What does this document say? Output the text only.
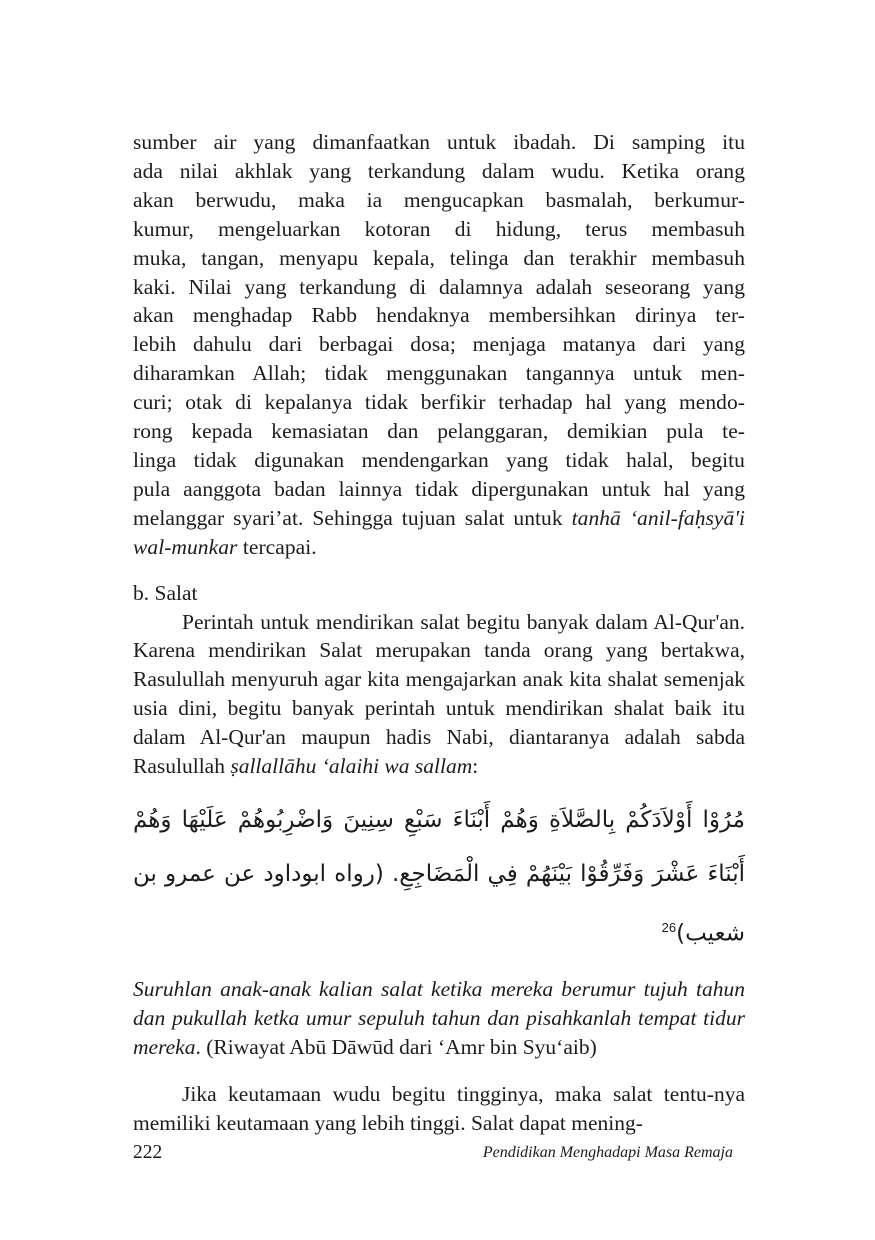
sumber air yang dimanfaatkan untuk ibadah. Di samping itu
ada nilai akhlak yang terkandung dalam wudu. Ketika orang
akan berwudu, maka ia mengucapkan basmalah, berkumur-
kumur, mengeluarkan kotoran di hidung, terus membasuh
muka, tangan, menyapu kepala, telinga dan terakhir membasuh
kaki. Nilai yang terkandung di dalamnya adalah seseorang yang
akan menghadap Rabb hendaknya membersihkan dirinya ter-
lebih dahulu dari berbagai dosa; menjaga matanya dari yang
diharamkan Allah; tidak menggunakan tangannya untuk men-
curi; otak di kepalanya tidak berfikir terhadap hal yang mendo-
rong kepada kemasiatan dan pelanggaran, demikian pula te-
linga tidak digunakan mendengarkan yang tidak halal, begitu
pula aanggota badan lainnya tidak dipergunakan untuk hal yang
melanggar syari’at. Sehingga tujuan salat untuk tanhā ‘anil-faḥsyā'i wal-munkar tercapai.
b. Salat

Perintah untuk mendirikan salat begitu banyak dalam Al-Qur'an. Karena mendirikan Salat merupakan tanda orang yang bertakwa, Rasulullah menyuruh agar kita mengajarkan anak kita shalat semenjak usia dini, begitu banyak perintah untuk mendirikan shalat baik itu dalam Al-Qur'an maupun hadis Nabi, diantaranya adalah sabda Rasulullah ṣallallāhu ‘alaihi wa sallam:

مُرُوْا أَوْلاَدَكُمْ بِالصَّلاَةِ وَهُمْ أَبْنَاءَ سَبْعِ سِنِينَ وَاضْرِبُوهُمْ عَلَيْهَا وَهُمْ أَبْنَاءَ عَشْرَ وَفَرِّقُوْا بَيْنَهُمْ فِي الْمَضَاجِعِ. (رواه ابوداود عن عمرو بن شعيب)$^{26}$

Suruhlan anak-anak kalian salat ketika mereka berumur tujuh tahun dan pukullah ketka umur sepuluh tahun dan pisahkanlah tempat tidur mereka. (Riwayat Abū Dāwūd dari ‘Amr bin Syu‘aib)

Jika keutamaan wudu begitu tingginya, maka salat tentu-nya memiliki keutamaan yang lebih tinggi. Salat dapat mening-

222	Pendidikan Menghadapi Masa Remaja
